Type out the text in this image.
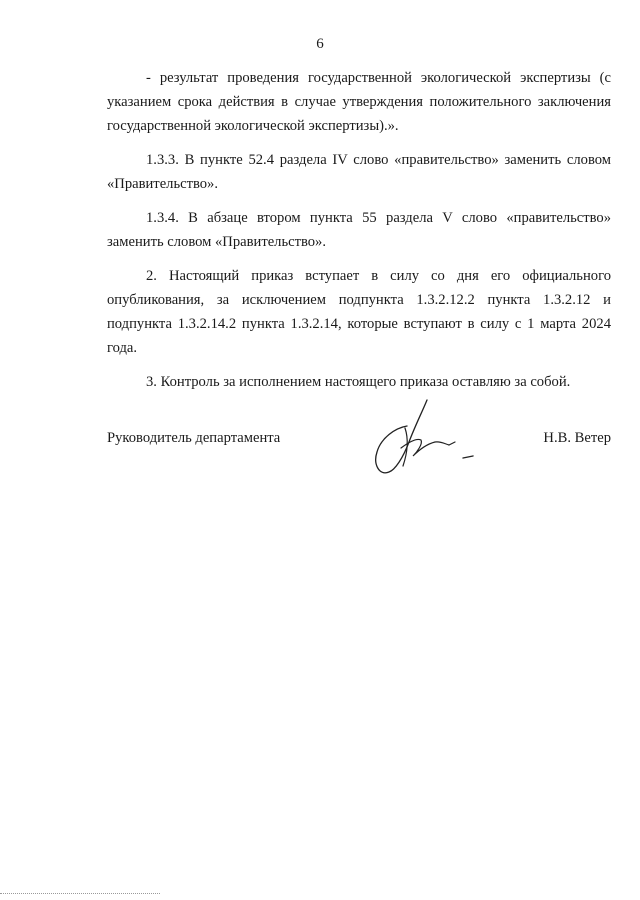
6

- результат проведения государственной экологической экспертизы (с указанием срока действия в случае утверждения положительного заключения государственной экологической экспертизы).».

1.3.3. В пункте 52.4 раздела IV слово «правительство» заменить словом «Правительство».

1.3.4. В абзаце втором пункта 55 раздела V слово «правительство» заменить словом «Правительство».

2. Настоящий приказ вступает в силу со дня его официального опубликования, за исключением подпункта 1.3.2.12.2 пункта 1.3.2.12 и подпункта 1.3.2.14.2 пункта 1.3.2.14, которые вступают в силу с 1 марта 2024 года.

3. Контроль за исполнением настоящего приказа оставляю за собой.

Руководитель департамента	Н.В. Ветер
